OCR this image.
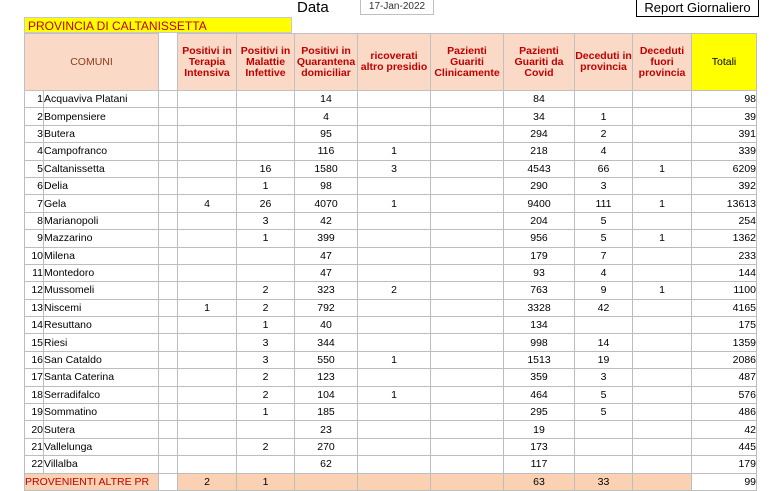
PROVINCIA DI CALTANISSETTA
Data	17-Jan-2022	Report Giornaliero
COMUNI			Positivi in Terapia Intensiva	Positivi in Malattie Infettive	Positivi in Quarantena domiciliar	ricoverati altro presidio	Pazienti Guariti Clinicamente	Pazienti Guariti da Covid	Deceduti in provincia	Deceduti fuori provincia	Totali
1	Acquaviva Platani				14			84			98
2	Bompensiere				4			34	1		39
3	Butera				95			294	2		391
4	Campofranco				116	1		218	4		339
5	Caltanissetta			16	1580	3		4543	66	1	6209
6	Delia			1	98			290	3		392
7	Gela		4	26	4070	1		9400	111	1	13613
8	Marianopoli			3	42			204	5		254
9	Mazzarino			1	399			956	5	1	1362
10	Milena				47			179	7		233
11	Montedoro				47			93	4		144
12	Mussomeli			2	323	2		763	9	1	1100
13	Niscemi		1	2	792			3328	42		4165
14	Resuttano			1	40			134			175
15	Riesi			3	344			998	14		1359
16	San Cataldo			3	550	1		1513	19		2086
17	Santa Caterina			2	123			359	3		487
18	Serradifalco			2	104	1		464	5		576
19	Sommatino			1	185			295	5		486
20	Sutera				23			19			42
21	Vallelunga			2	270			173			445
22	Villalba				62			117			179
PROVENIENTI ALTRE PR			2	1				63	33		99
